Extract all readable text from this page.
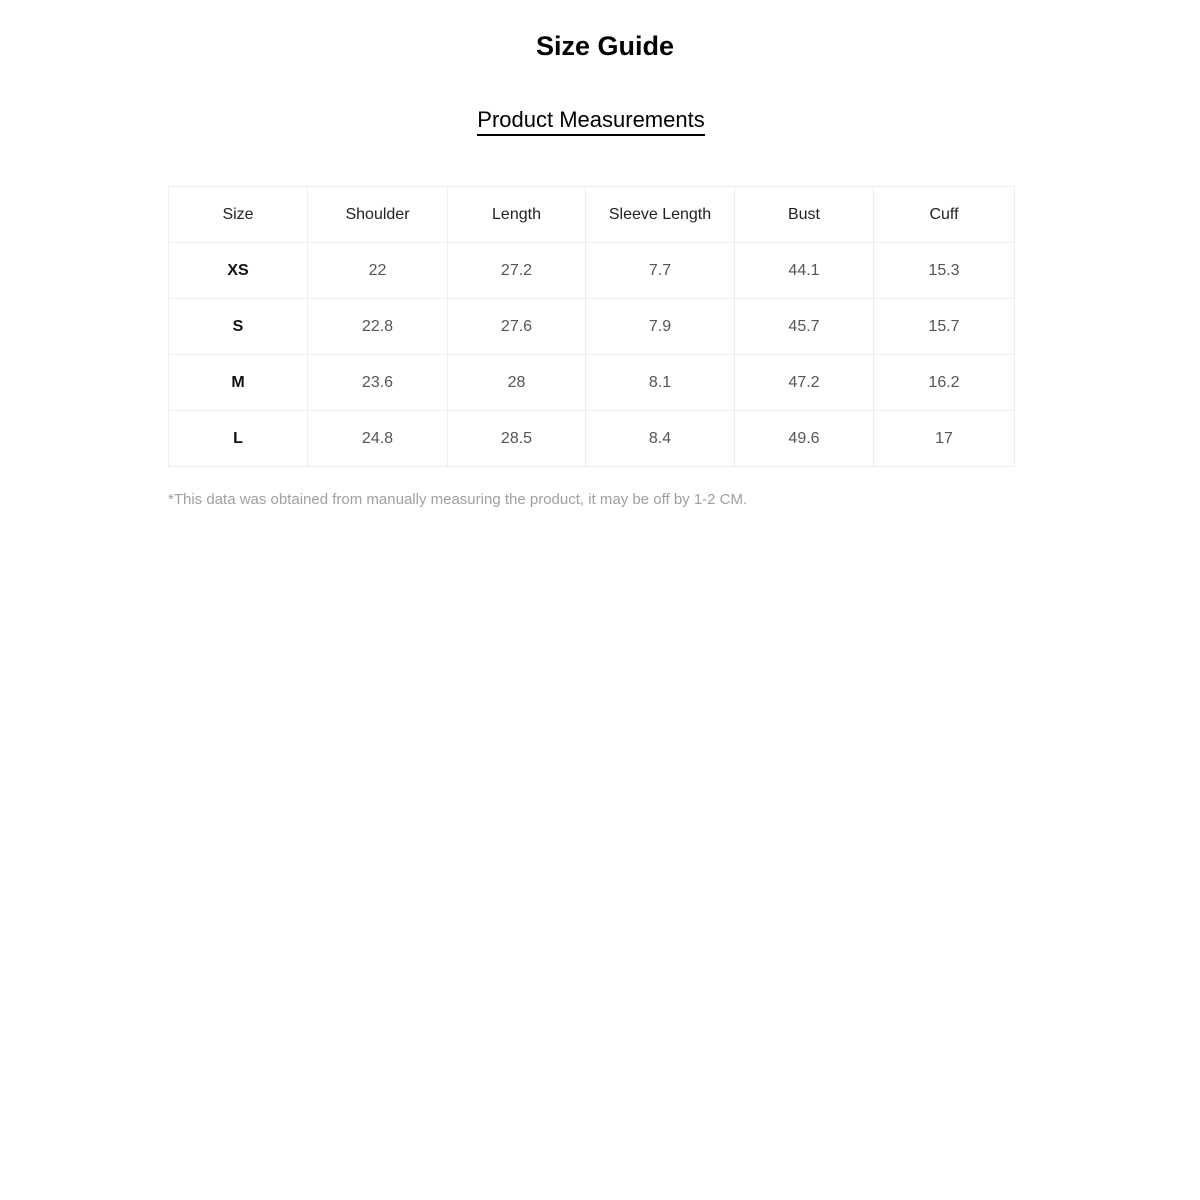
Size Guide
Product Measurements
Size	Shoulder	Length	Sleeve Length	Bust	Cuff
XS	22	27.2	7.7	44.1	15.3
S	22.8	27.6	7.9	45.7	15.7
M	23.6	28	8.1	47.2	16.2
L	24.8	28.5	8.4	49.6	17

*This data was obtained from manually measuring the product, it may be off by 1-2 CM.
